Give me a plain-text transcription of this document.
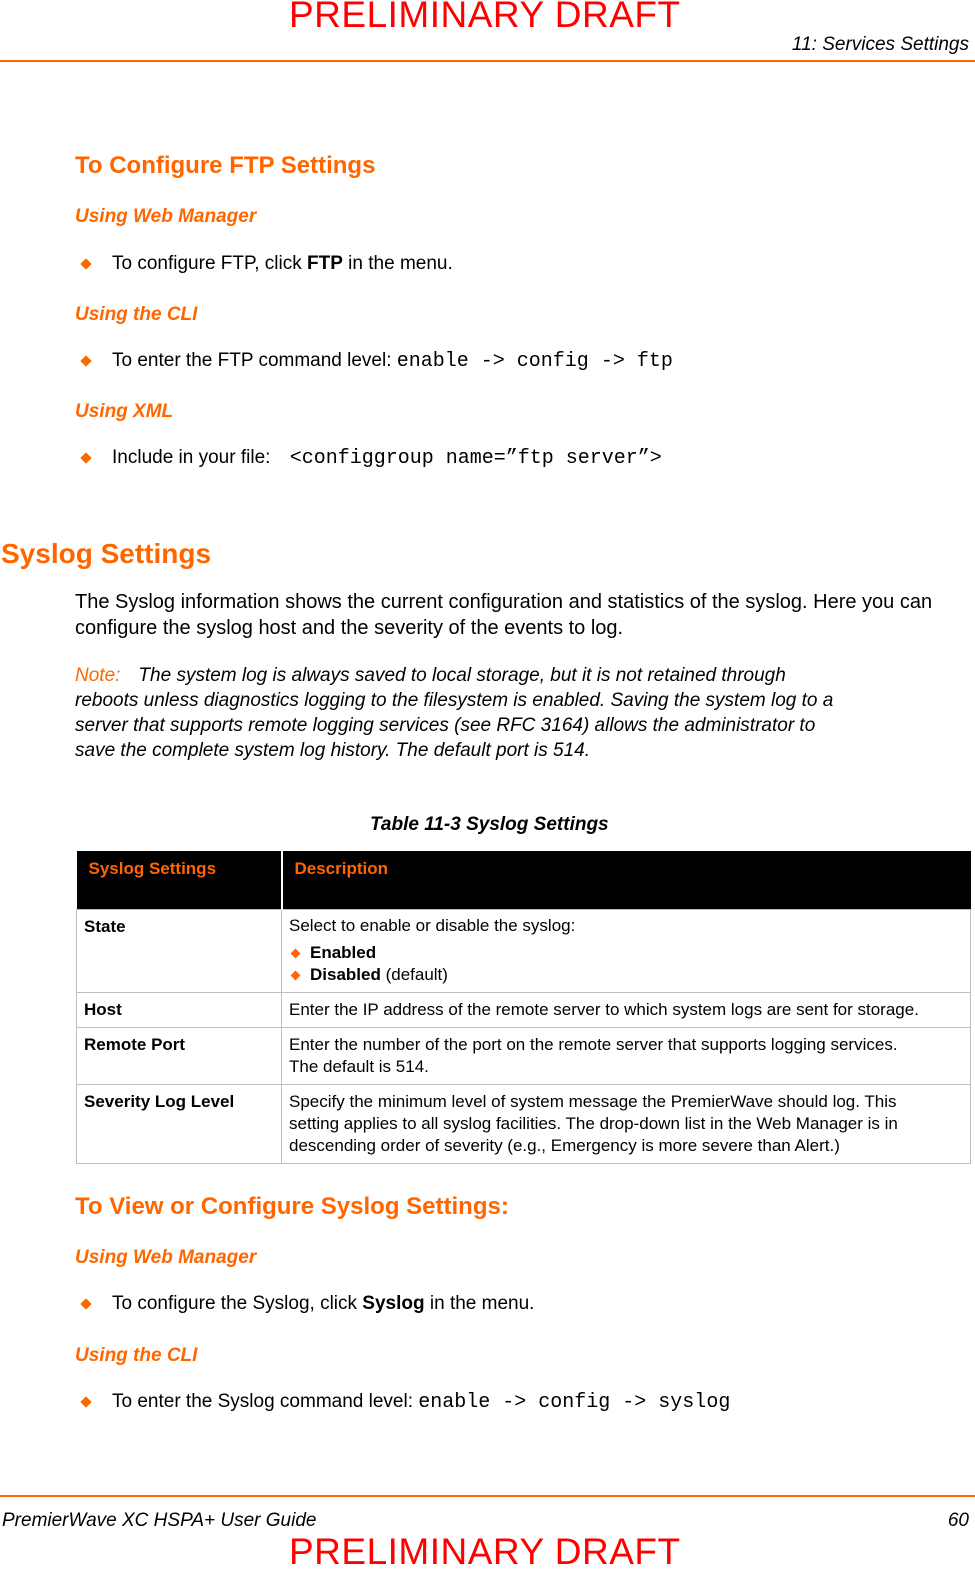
PRELIMINARY DRAFT
11: Services Settings
To Configure FTP Settings
Using Web Manager
To configure FTP, click FTP in the menu.
Using the CLI
To enter the FTP command level: enable -> config -> ftp
Using XML
Include in your file: <configgroup name=”ftp server”>
Syslog Settings
The Syslog information shows the current configuration and statistics of the syslog. Here you can
configure the syslog host and the severity of the events to log.
Note: The system log is always saved to local storage, but it is not retained through
reboots unless diagnostics logging to the filesystem is enabled. Saving the system log to a
server that supports remote logging services (see RFC 3164) allows the administrator to
save the complete system log history. The default port is 514.
Table 11-3 Syslog Settings
Syslog Settings	Description
State	Select to enable or disable the syslog:
Enabled
Disabled (default)

Host	Enter the IP address of the remote server to which system logs are sent for storage.
Remote Port	Enter the number of the port on the remote server that supports logging services.
The default is 514.

Severity Log Level	Specify the minimum level of system message the PremierWave should log. This
setting applies to all syslog facilities. The drop-down list in the Web Manager is in
descending order of severity (e.g., Emergency is more severe than Alert.)
To View or Configure Syslog Settings:
Using Web Manager
To configure the Syslog, click Syslog in the menu.
Using the CLI
To enter the Syslog command level: enable -> config -> syslog
PremierWave XC HSPA+ User Guide	60
PRELIMINARY DRAFT
